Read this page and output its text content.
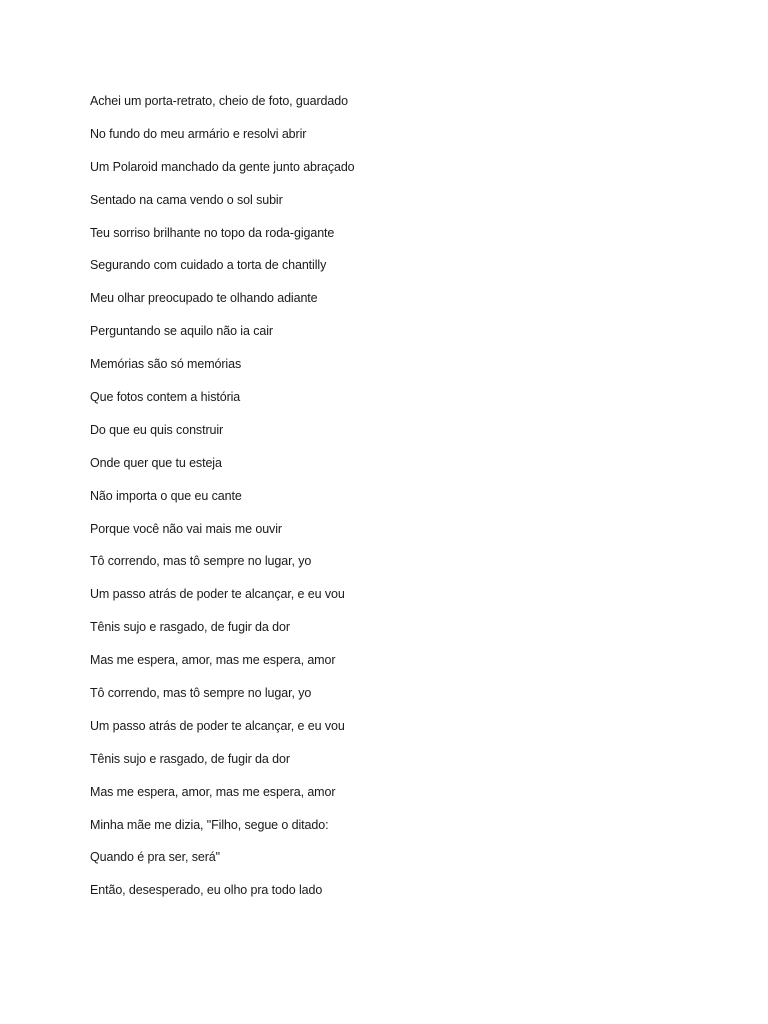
Achei um porta-retrato, cheio de foto, guardado
No fundo do meu armário e resolvi abrir
Um Polaroid manchado da gente junto abraçado
Sentado na cama vendo o sol subir
Teu sorriso brilhante no topo da roda-gigante
Segurando com cuidado a torta de chantilly
Meu olhar preocupado te olhando adiante
Perguntando se aquilo não ia cair
Memórias são só memórias
Que fotos contem a história
Do que eu quis construir
Onde quer que tu esteja
Não importa o que eu cante
Porque você não vai mais me ouvir
Tô correndo, mas tô sempre no lugar, yo
Um passo atrás de poder te alcançar, e eu vou
Tênis sujo e rasgado, de fugir da dor
Mas me espera, amor, mas me espera, amor
Tô correndo, mas tô sempre no lugar, yo
Um passo atrás de poder te alcançar, e eu vou
Tênis sujo e rasgado, de fugir da dor
Mas me espera, amor, mas me espera, amor
Minha mãe me dizia, "Filho, segue o ditado:
Quando é pra ser, será"
Então, desesperado, eu olho pra todo lado
